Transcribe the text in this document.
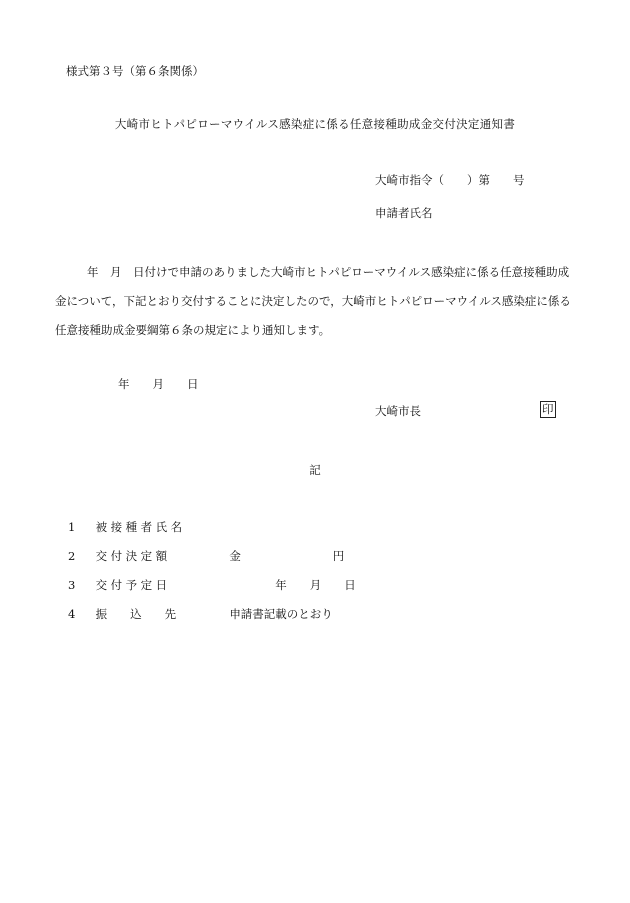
様式第３号（第６条関係）
大崎市ヒトパピローマウイルス感染症に係る任意接種助成金交付決定通知書
大崎市指令（　　）第　　号
申請者氏名
年　月　日付けで申請のありました大崎市ヒトパピローマウイルス感染症に係る任意接種助成金について，下記とおり交付することに決定したので，大崎市ヒトパピローマウイルス感染症に係る任意接種助成金要綱第６条の規定により通知します。
年　　月　　日
大崎市長	印
記
1 被接種者氏名
2 交付決定額	金　　　　　　　　円
3 交付予定日	　　　　年　　月　　日
4 振　　込　　先	申請書記載のとおり
